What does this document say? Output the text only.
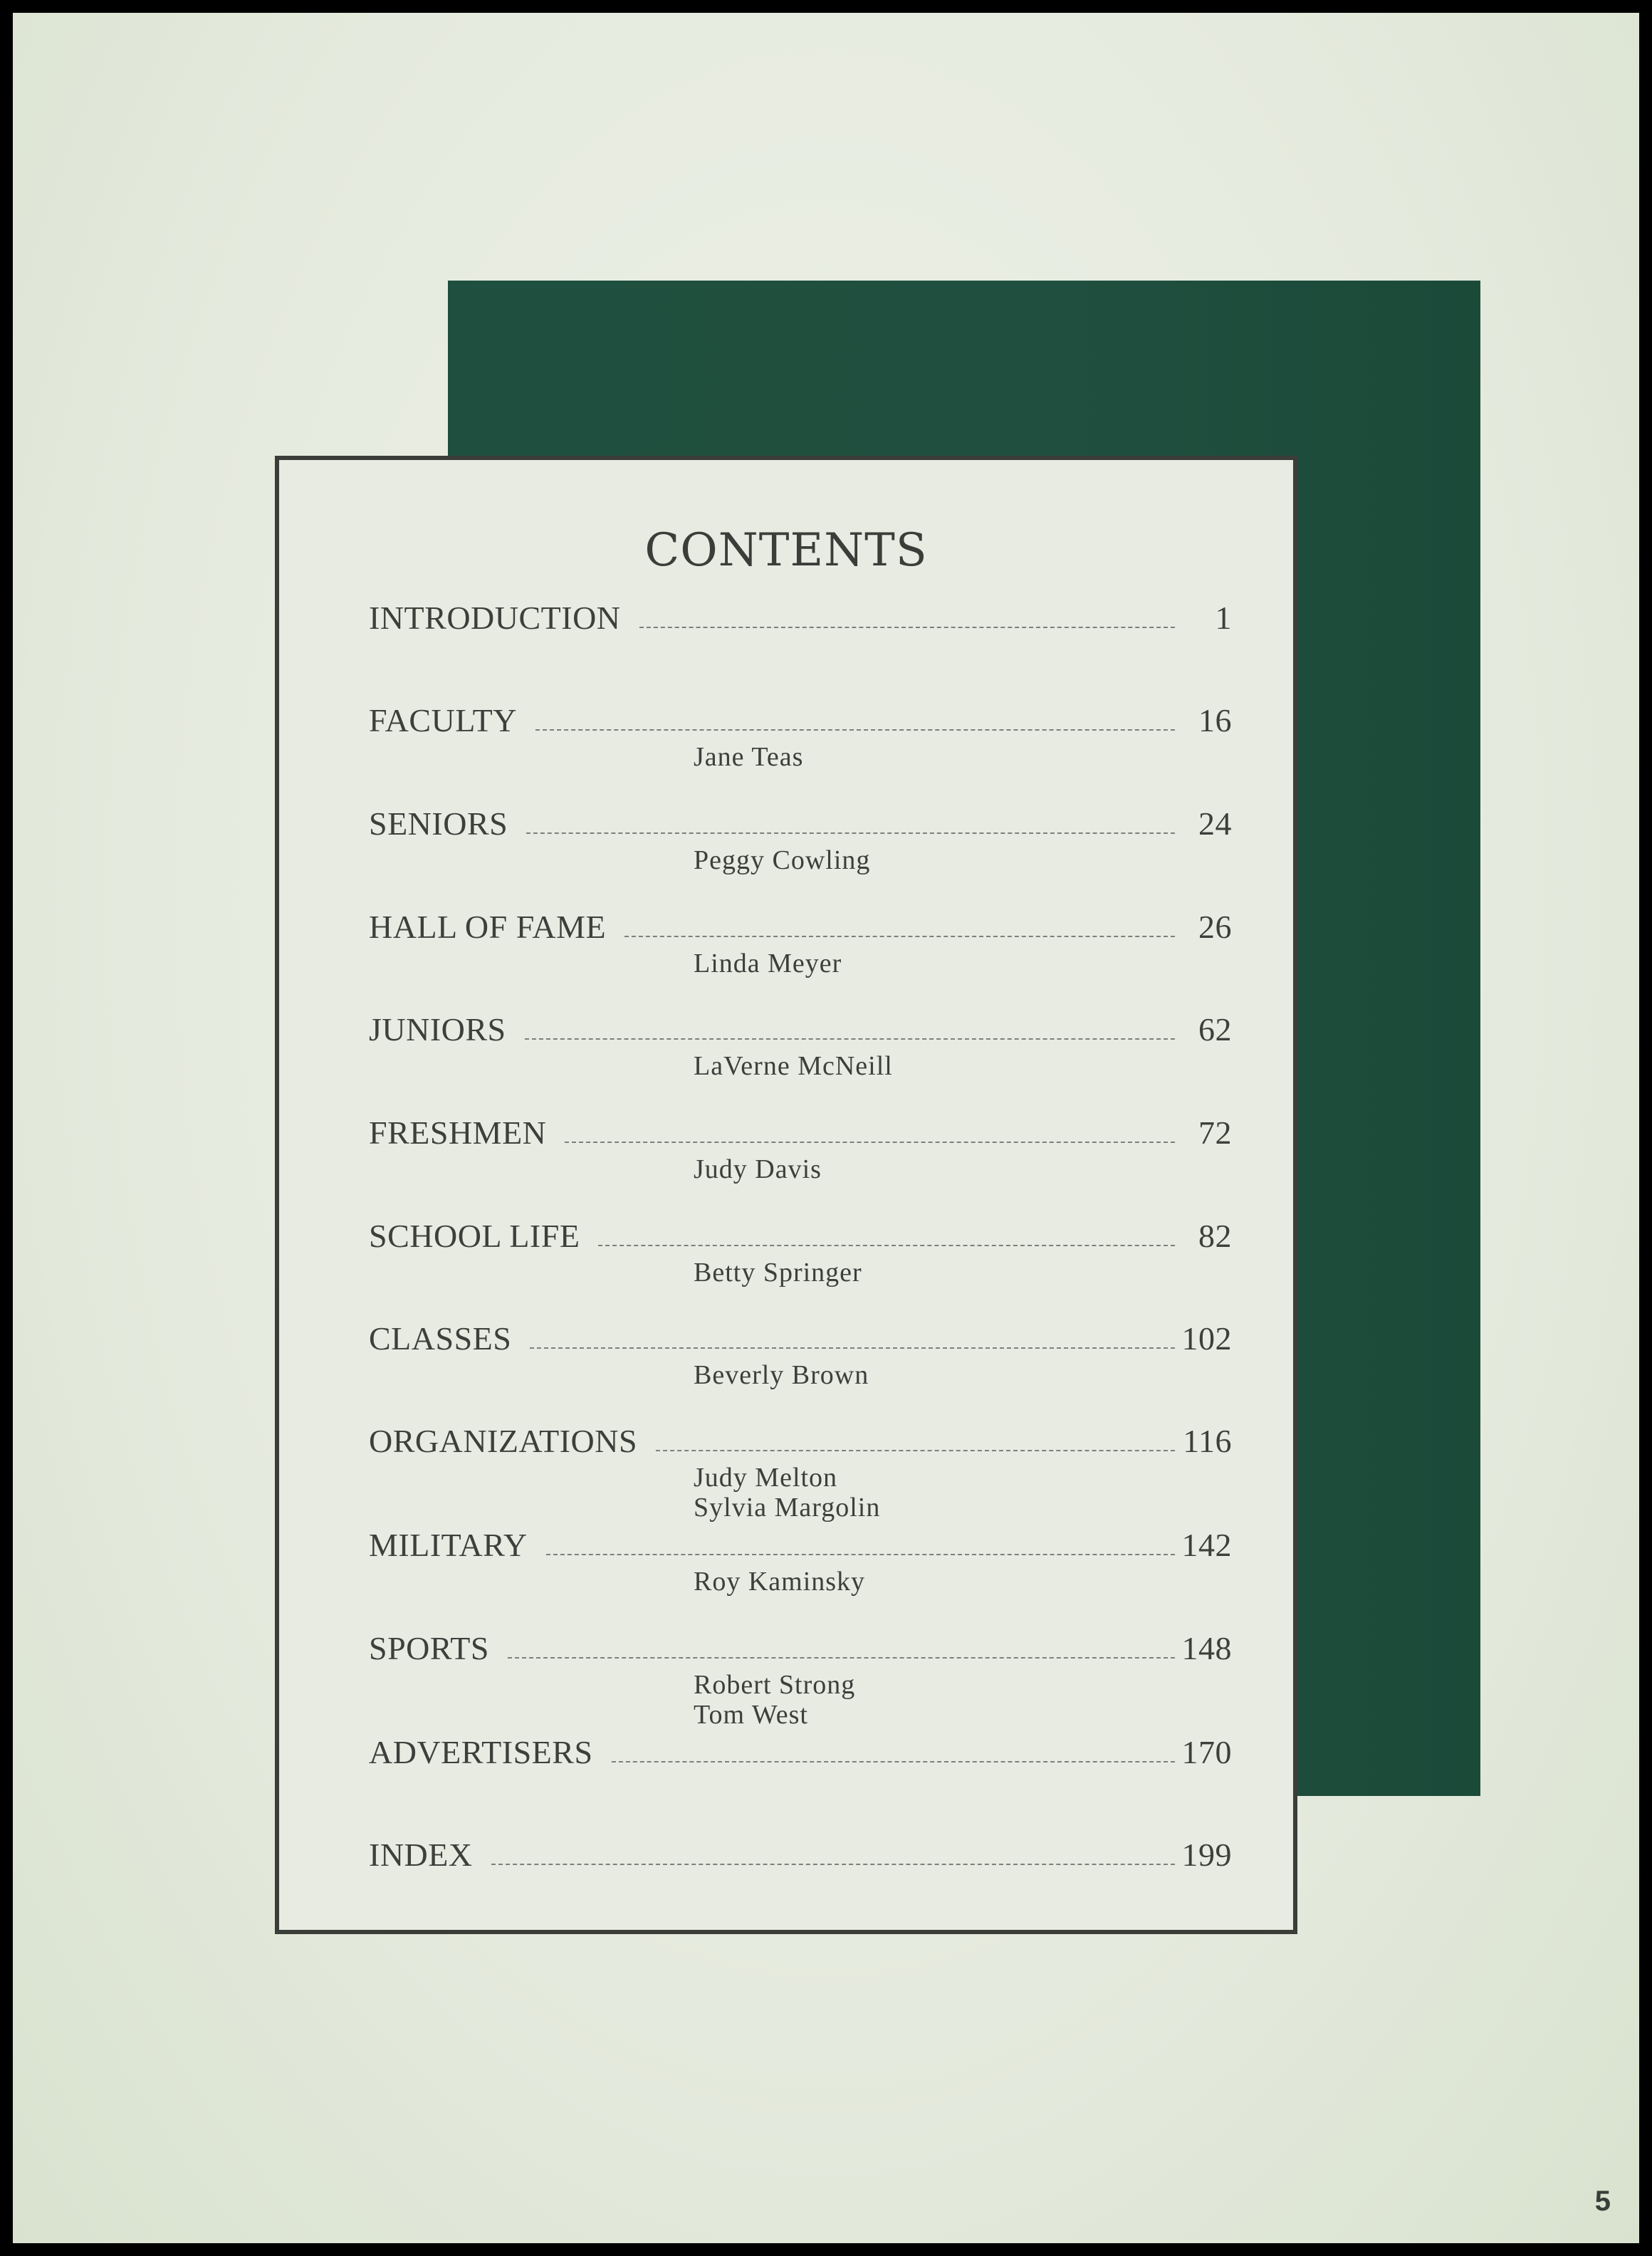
CONTENTS
INTRODUCTION	1
FACULTY	16
Jane Teas
SENIORS	24
Peggy Cowling
HALL OF FAME	26
Linda Meyer
JUNIORS	62
LaVerne McNeill
FRESHMEN	72
Judy Davis
SCHOOL LIFE	82
Betty Springer
CLASSES	102
Beverly Brown
ORGANIZATIONS	116
Judy Melton
Sylvia Margolin
MILITARY	142
Roy Kaminsky
SPORTS	148
Robert Strong
Tom West
ADVERTISERS	170
INDEX	199
5
